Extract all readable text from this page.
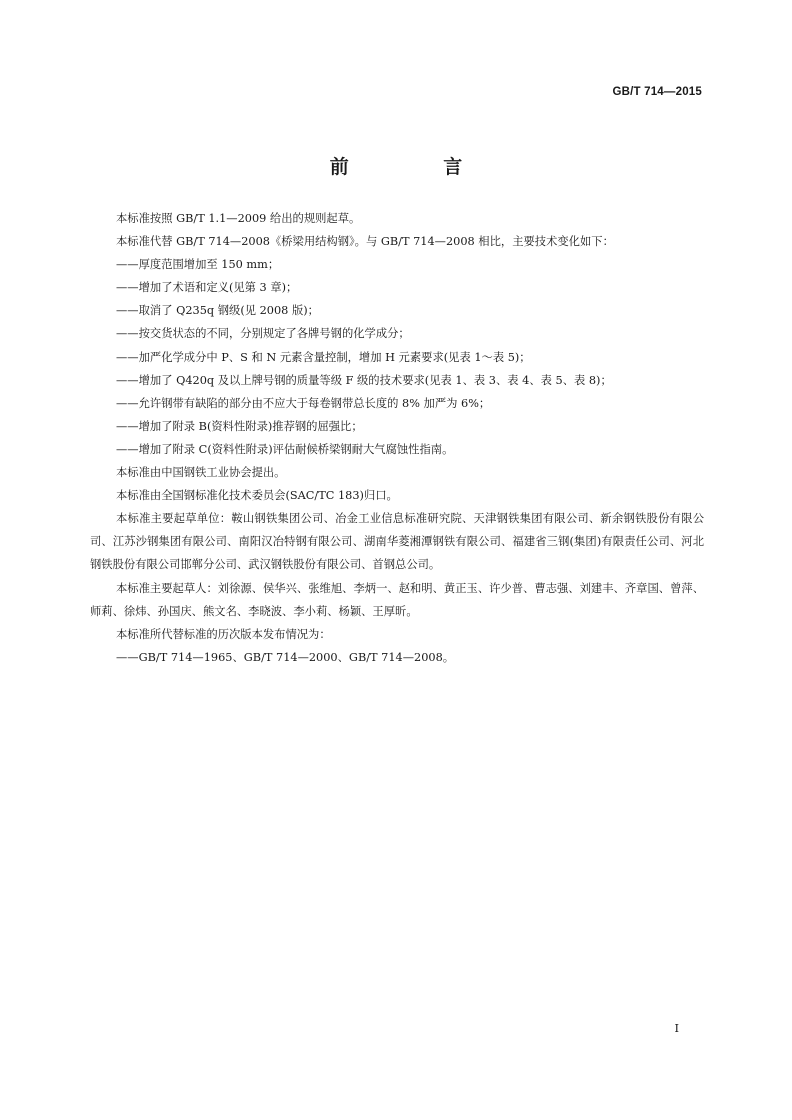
GB/T 714—2015
前 言

本标准按照 GB/T 1.1—2009 给出的规则起草。

本标准代替 GB/T 714—2008《桥梁用结构钢》。与 GB/T 714—2008 相比，主要技术变化如下：

——厚度范围增加至 150 mm；

——增加了术语和定义(见第 3 章)；

——取消了 Q235q 钢级(见 2008 版)；

——按交货状态的不同，分别规定了各牌号钢的化学成分；

——加严化学成分中 P、S 和 N 元素含量控制，增加 H 元素要求(见表 1～表 5)；

——增加了 Q420q 及以上牌号钢的质量等级 F 级的技术要求(见表 1、表 3、表 4、表 5、表 8)；

——允许钢带有缺陷的部分由不应大于每卷钢带总长度的 8% 加严为 6%；

——增加了附录 B(资料性附录)推荐钢的屈强比；

——增加了附录 C(资料性附录)评估耐候桥梁钢耐大气腐蚀性指南。

本标准由中国钢铁工业协会提出。

本标准由全国钢标准化技术委员会(SAC/TC 183)归口。

本标准主要起草单位：鞍山钢铁集团公司、冶金工业信息标准研究院、天津钢铁集团有限公司、新余钢铁股份有限公司、江苏沙钢集团有限公司、南阳汉冶特钢有限公司、湖南华菱湘潭钢铁有限公司、福建省三钢(集团)有限责任公司、河北钢铁股份有限公司邯郸分公司、武汉钢铁股份有限公司、首钢总公司。

本标准主要起草人：刘徐源、侯华兴、张维旭、李炳一、赵和明、黄正玉、许少普、曹志强、刘建丰、齐章国、曾萍、师莉、徐炜、孙国庆、熊文名、李晓波、李小莉、杨颖、王厚昕。

本标准所代替标准的历次版本发布情况为：

——GB/T 714—1965、GB/T 714—2000、GB/T 714—2008。

I
